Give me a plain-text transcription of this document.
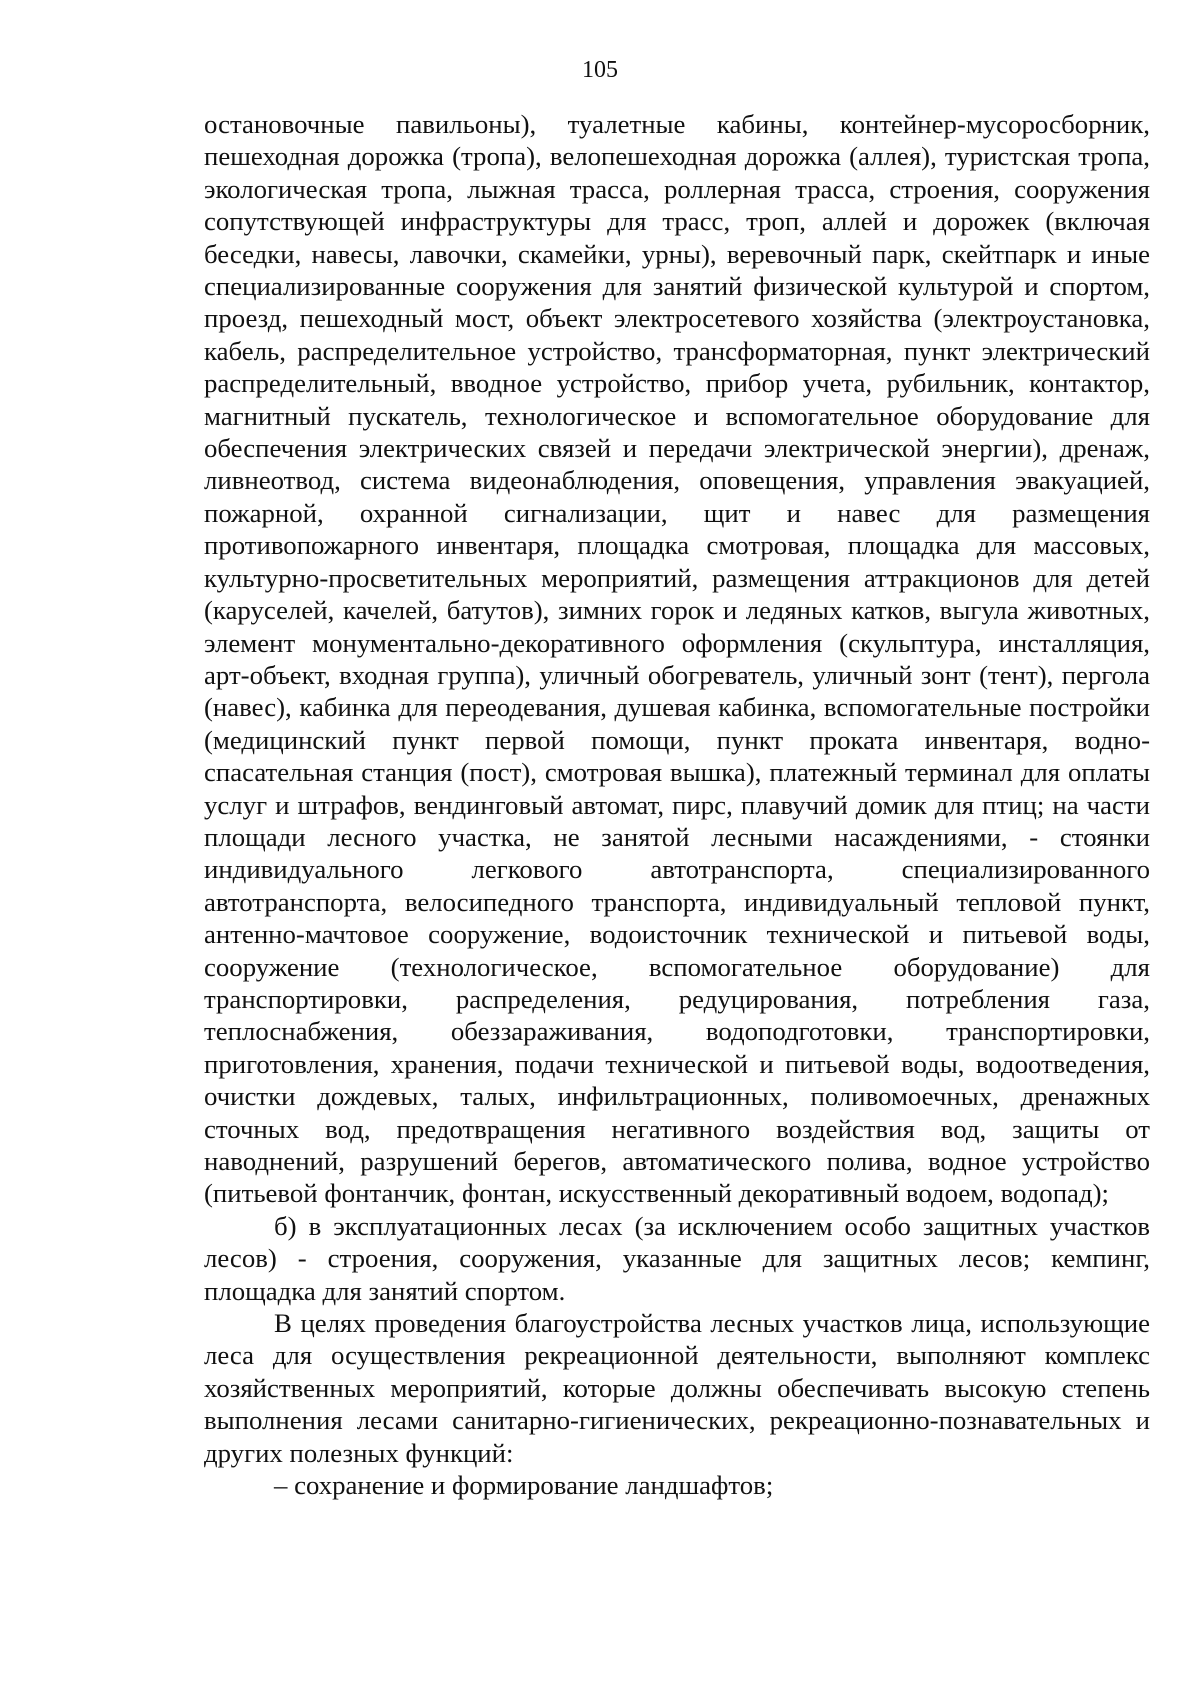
105

остановочные павильоны), туалетные кабины, контейнер-мусоросборник, пешеходная дорожка (тропа), велопешеходная дорожка (аллея), туристская тропа, экологическая тропа, лыжная трасса, роллерная трасса, строения, сооружения сопутствующей инфраструктуры для трасс, троп, аллей и дорожек (включая беседки, навесы, лавочки, скамейки, урны), веревочный парк, скейтпарк и иные специализированные сооружения для занятий физической культурой и спортом, проезд, пешеходный мост, объект электросетевого хозяйства (электроустановка, кабель, распределительное устройство, трансформаторная, пункт электрический распределительный, вводное устройство, прибор учета, рубильник, контактор, магнитный пускатель, технологическое и вспомогательное оборудование для обеспечения электрических связей и передачи электрической энергии), дренаж, ливнеотвод, система видеонаблюдения, оповещения, управления эвакуацией, пожарной, охранной сигнализации, щит и навес для размещения противопожарного инвентаря, площадка смотровая, площадка для массовых, культурно-просветительных мероприятий, размещения аттракционов для детей (каруселей, качелей, батутов), зимних горок и ледяных катков, выгула животных, элемент монументально-декоративного оформления (скульптура, инсталляция, арт-объект, входная группа), уличный обогреватель, уличный зонт (тент), пергола (навес), кабинка для переодевания, душевая кабинка, вспомогательные постройки (медицинский пункт первой помощи, пункт проката инвентаря, водно-спасательная станция (пост), смотровая вышка), платежный терминал для оплаты услуг и штрафов, вендинговый автомат, пирс, плавучий домик для птиц; на части площади лесного участка, не занятой лесными насаждениями, - стоянки индивидуального легкового автотранспорта, специализированного автотранспорта, велосипедного транспорта, индивидуальный тепловой пункт, антенно-мачтовое сооружение, водоисточник технической и питьевой воды, сооружение (технологическое, вспомогательное оборудование) для транспортировки, распределения, редуцирования, потребления газа, теплоснабжения, обеззараживания, водоподготовки, транспортировки, приготовления, хранения, подачи технической и питьевой воды, водоотведения, очистки дождевых, талых, инфильтрационных, поливомоечных, дренажных сточных вод, предотвращения негативного воздействия вод, защиты от наводнений, разрушений берегов, автоматического полива, водное устройство (питьевой фонтанчик, фонтан, искусственный декоративный водоем, водопад);

б) в эксплуатационных лесах (за исключением особо защитных участков лесов) - строения, сооружения, указанные для защитных лесов; кемпинг, площадка для занятий спортом.

В целях проведения благоустройства лесных участков лица, использующие леса для осуществления рекреационной деятельности, выполняют комплекс хозяйственных мероприятий, которые должны обеспечивать высокую степень выполнения лесами санитарно-гигиенических, рекреационно-познавательных и других полезных функций:

– сохранение и формирование ландшафтов;
